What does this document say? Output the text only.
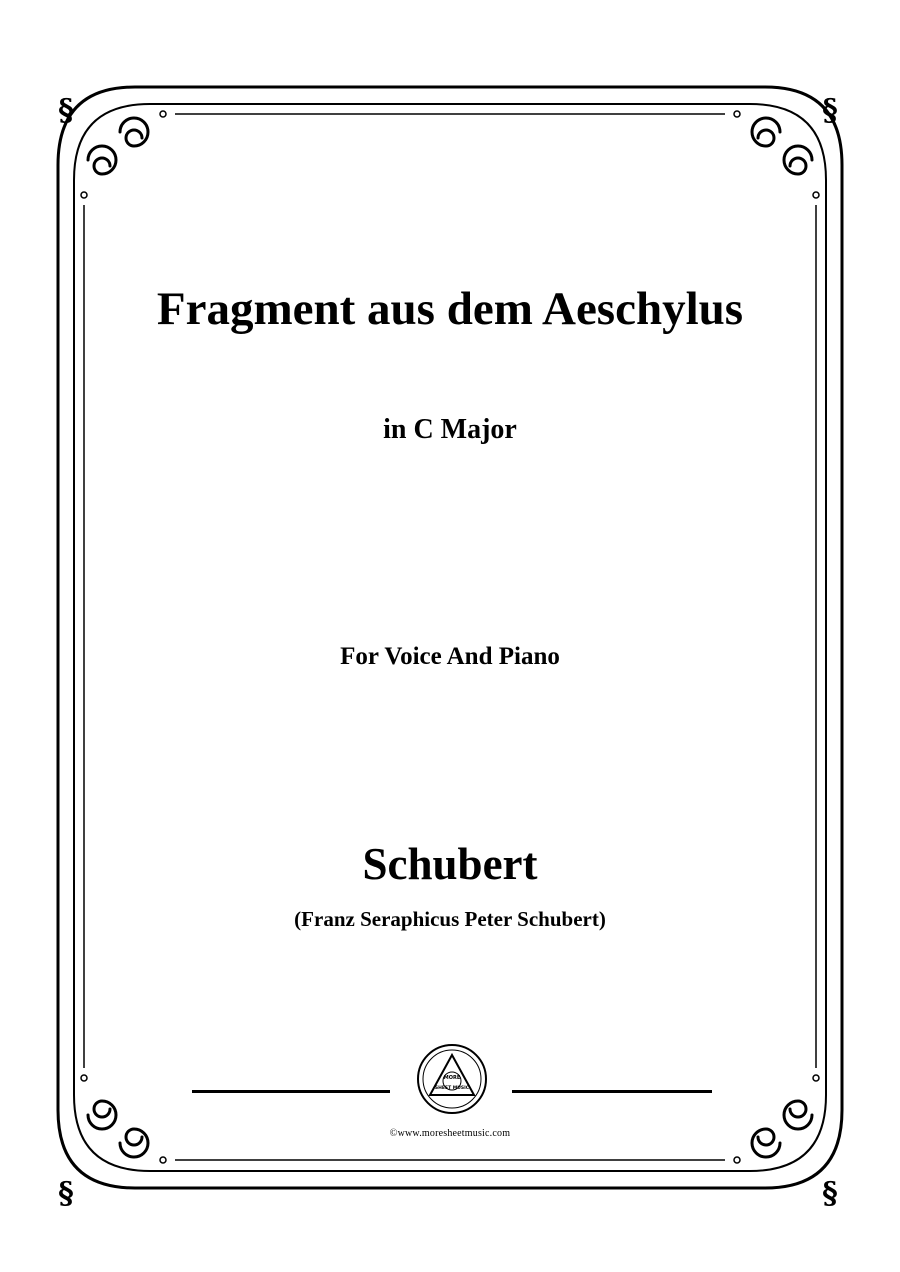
§	§
§	§
Fragment aus dem Aeschylus
in C Major
For Voice And Piano
Schubert
(Franz Seraphicus Peter Schubert)
MORE
SHEET MUSIC
©www.moresheetmusic.com
